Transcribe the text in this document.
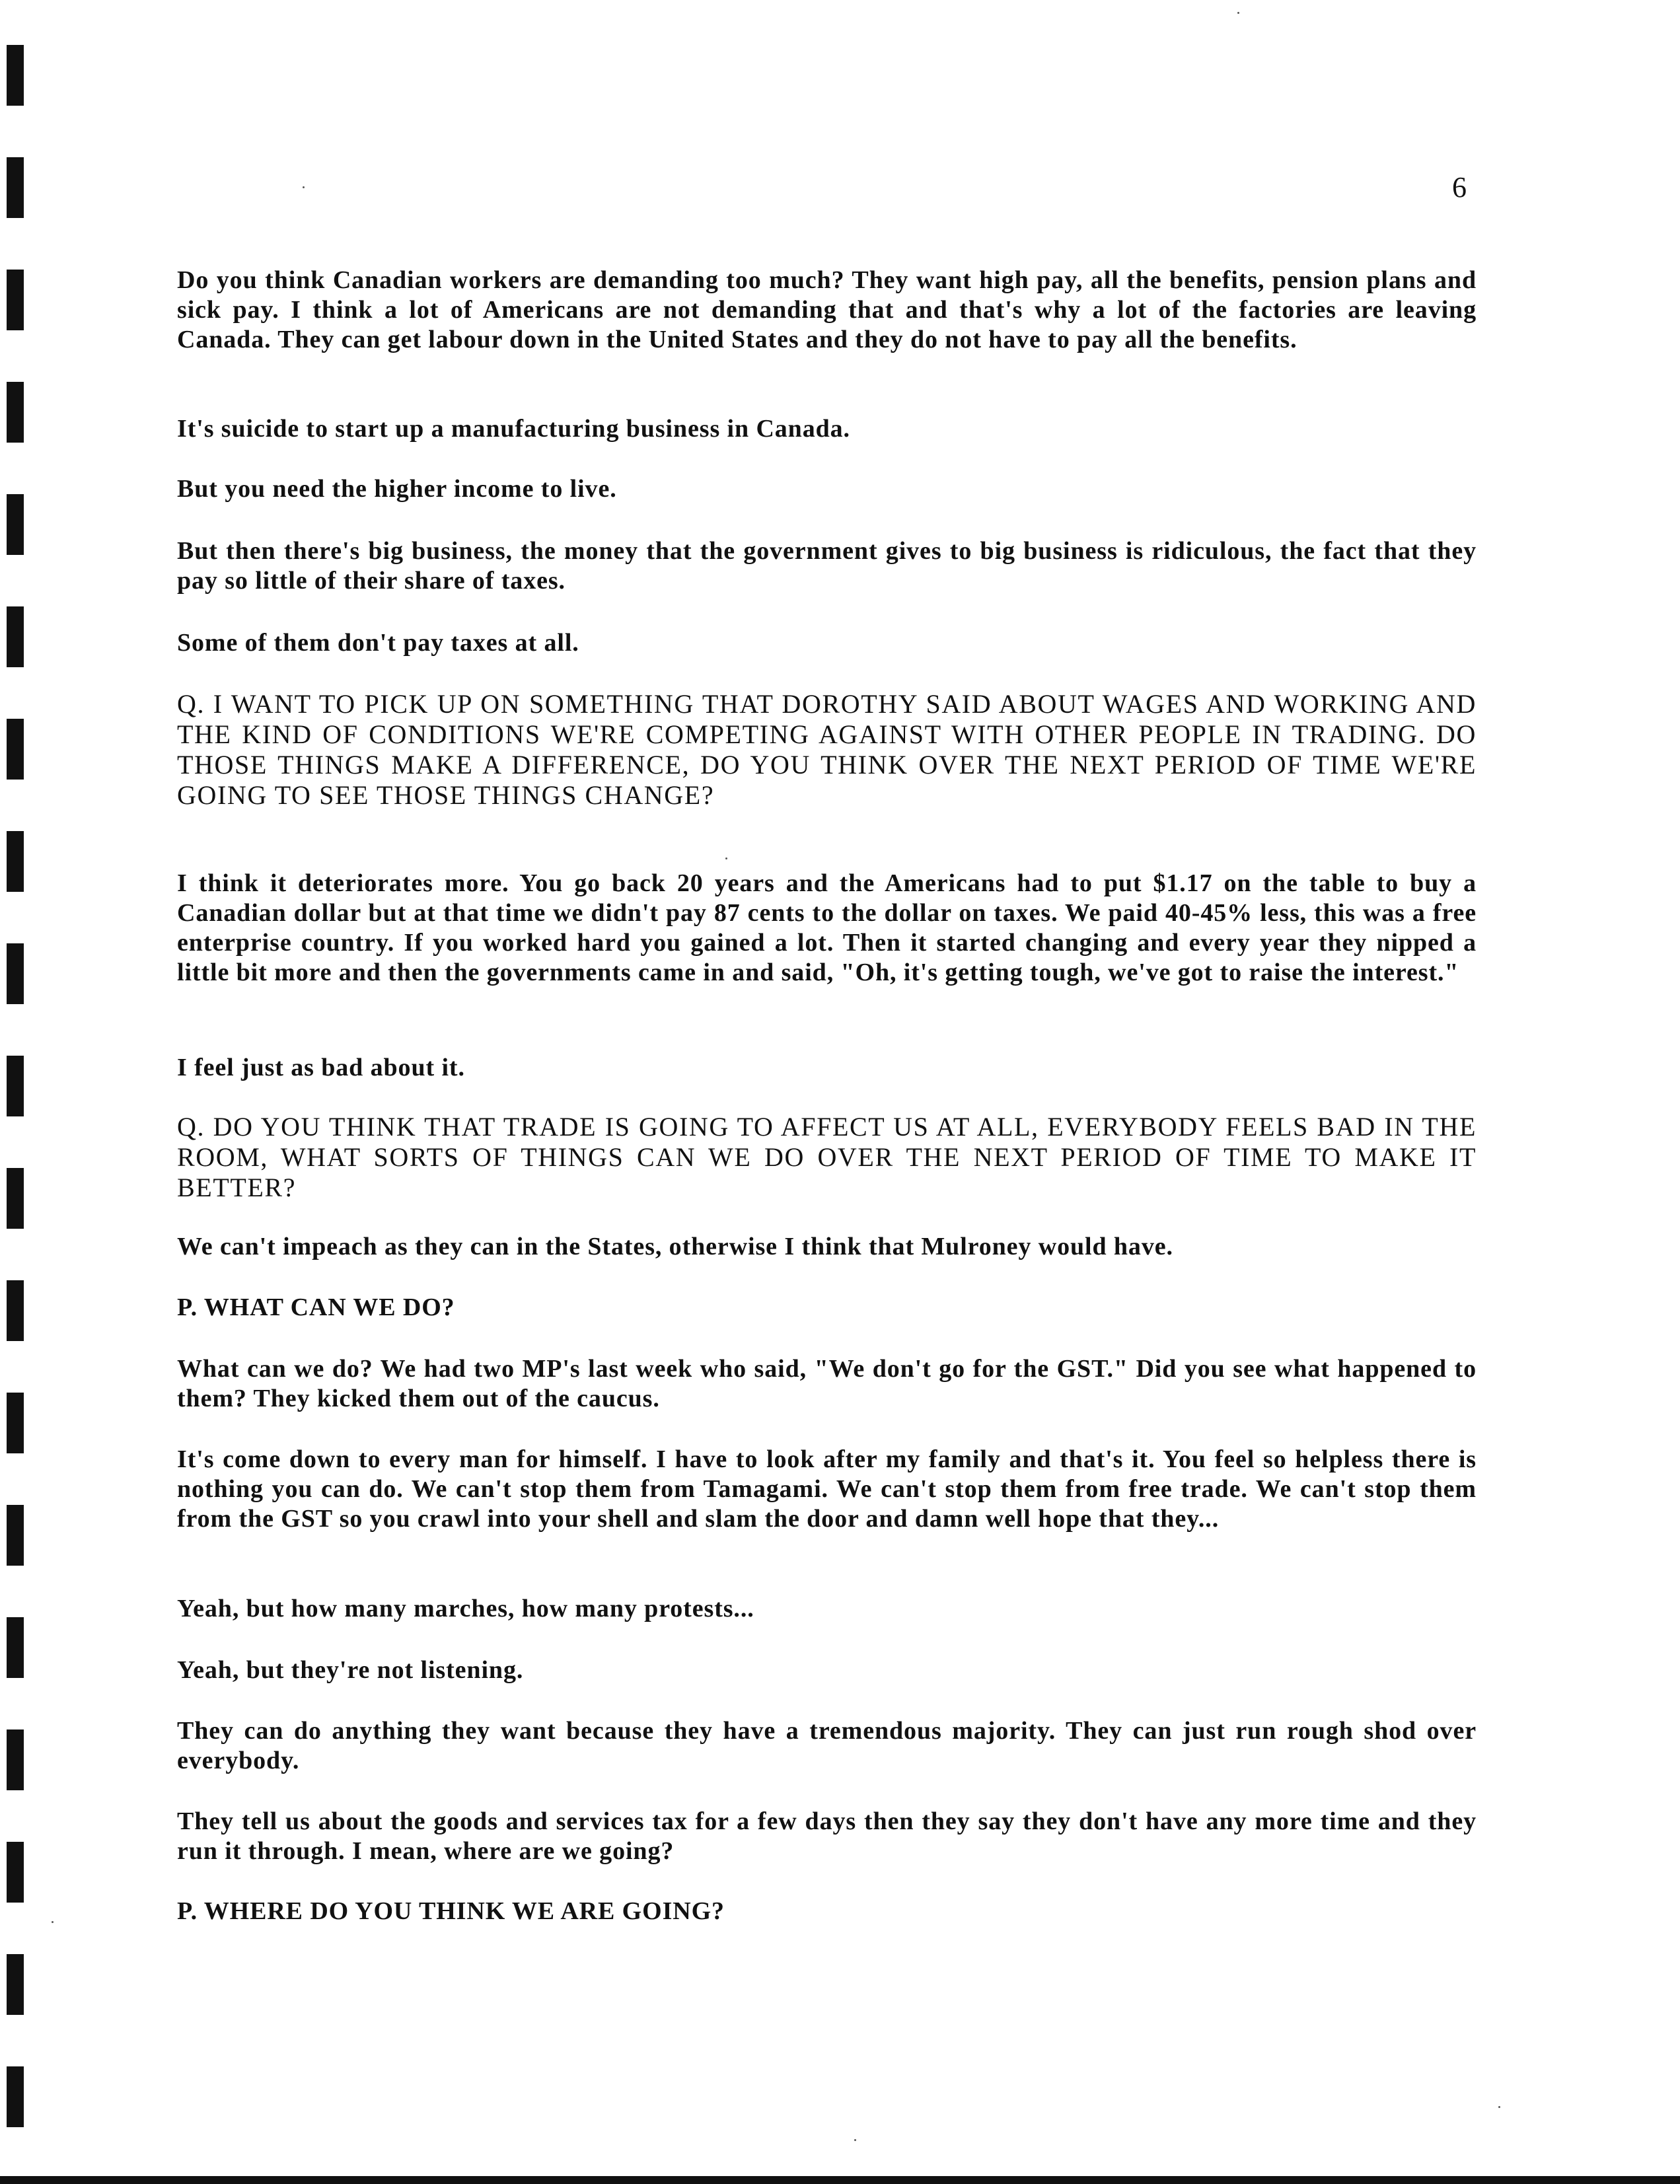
6

Do you think Canadian workers are demanding too much? They want high pay, all the benefits, pension plans and sick pay. I think a lot of Americans are not demanding that and that's why a lot of the factories are leaving Canada. They can get labour down in the United States and they do not have to pay all the benefits.

It's suicide to start up a manufacturing business in Canada.

But you need the higher income to live.

But then there's big business, the money that the government gives to big business is ridiculous, the fact that they pay so little of their share of taxes.

Some of them don't pay taxes at all.

Q. I WANT TO PICK UP ON SOMETHING THAT DOROTHY SAID ABOUT WAGES AND WORKING AND THE KIND OF CONDITIONS WE'RE COMPETING AGAINST WITH OTHER PEOPLE IN TRADING. DO THOSE THINGS MAKE A DIFFERENCE, DO YOU THINK OVER THE NEXT PERIOD OF TIME WE'RE GOING TO SEE THOSE THINGS CHANGE?

I think it deteriorates more. You go back 20 years and the Americans had to put $1.17 on the table to buy a Canadian dollar but at that time we didn't pay 87 cents to the dollar on taxes. We paid 40-45% less, this was a free enterprise country. If you worked hard you gained a lot. Then it started changing and every year they nipped a little bit more and then the governments came in and said, "Oh, it's getting tough, we've got to raise the interest."

I feel just as bad about it.

Q. DO YOU THINK THAT TRADE IS GOING TO AFFECT US AT ALL, EVERYBODY FEELS BAD IN THE ROOM, WHAT SORTS OF THINGS CAN WE DO OVER THE NEXT PERIOD OF TIME TO MAKE IT BETTER?

We can't impeach as they can in the States, otherwise I think that Mulroney would have.

P. WHAT CAN WE DO?

What can we do? We had two MP's last week who said, "We don't go for the GST." Did you see what happened to them? They kicked them out of the caucus.

It's come down to every man for himself. I have to look after my family and that's it. You feel so helpless there is nothing you can do. We can't stop them from Tamagami. We can't stop them from free trade. We can't stop them from the GST so you crawl into your shell and slam the door and damn well hope that they...

Yeah, but how many marches, how many protests...

Yeah, but they're not listening.

They can do anything they want because they have a tremendous majority. They can just run rough shod over everybody.

They tell us about the goods and services tax for a few days then they say they don't have any more time and they run it through. I mean, where are we going?

P. WHERE DO YOU THINK WE ARE GOING?
